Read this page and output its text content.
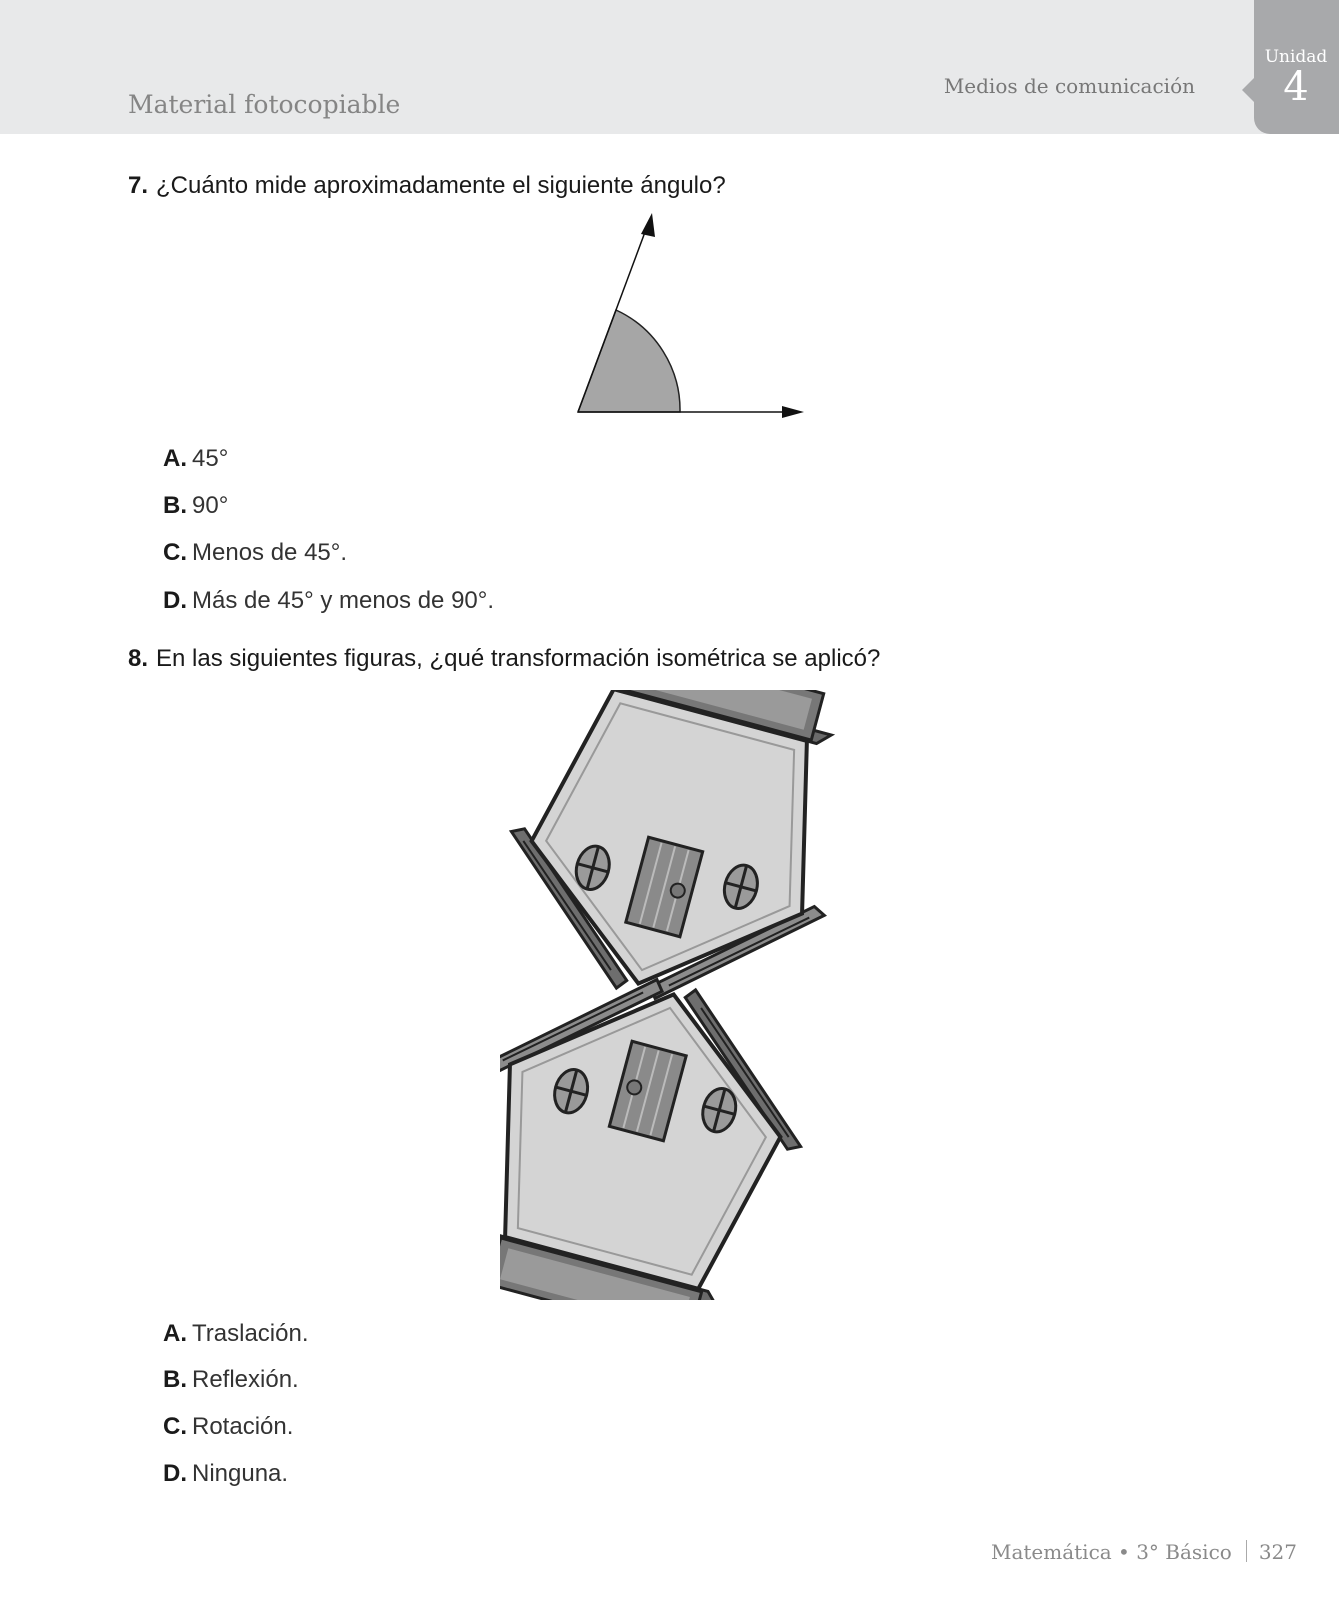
Material fotocopiable
Medios de comunicación
Unidad
4
7. ¿Cuánto mide aproximadamente el siguiente ángulo?
A. 45°
B. 90°
C. Menos de 45°.
D. Más de 45° y menos de 90°.
8. En las siguientes figuras, ¿qué transformación isométrica se aplicó?
A. Traslación.
B. Reflexión.
C. Rotación.
D. Ninguna.
Matemática • 3° Básico 327
